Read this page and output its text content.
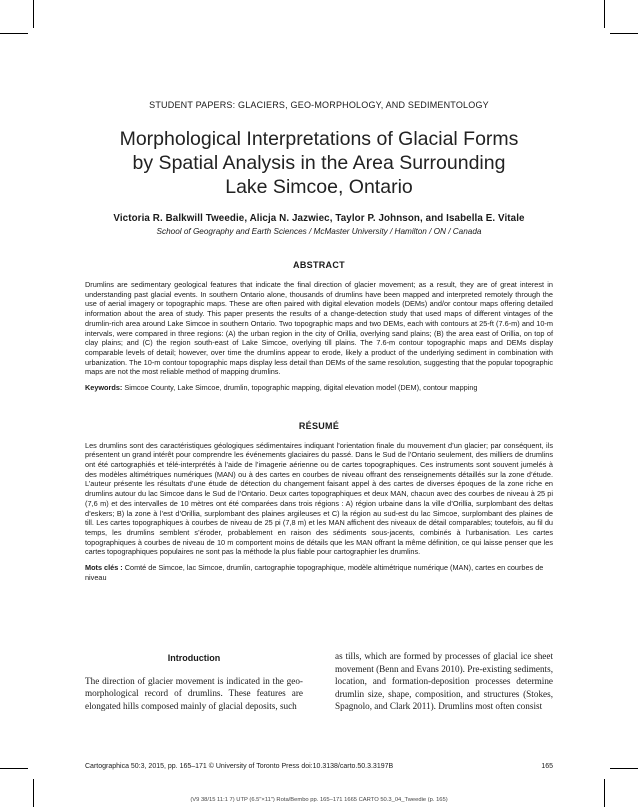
STUDENT PAPERS: GLACIERS, GEO-MORPHOLOGY, AND SEDIMENTOLOGY
Morphological Interpretations of Glacial Forms
by Spatial Analysis in the Area Surrounding
Lake Simcoe, Ontario
Victoria R. Balkwill Tweedie, Alicja N. Jazwiec, Taylor P. Johnson, and Isabella E. Vitale
School of Geography and Earth Sciences / McMaster University / Hamilton / ON / Canada
ABSTRACT
Drumlins are sedimentary geological features that indicate the final direction of glacier movement; as a result, they are of great interest in understanding past glacial events. In southern Ontario alone, thousands of drumlins have been mapped and interpreted remotely through the use of aerial imagery or topographic maps. These are often paired with digital elevation models (DEMs) and/or contour maps offering detailed information about the area of study. This paper presents the results of a change-detection study that used maps of different vintages of the drumlin-rich area around Lake Simcoe in southern Ontario. Two topographic maps and two DEMs, each with contours at 25-ft (7.6-m) and 10-m intervals, were compared in three regions: (A) the urban region in the city of Orillia, overlying sand plains; (B) the area east of Orillia, on top of clay plains; and (C) the region south-east of Lake Simcoe, overlying till plains. The 7.6-m contour topographic maps and DEMs display comparable levels of detail; however, over time the drumlins appear to erode, likely a product of the underlying sediment in combination with urbanization. The 10-m contour topographic maps display less detail than DEMs of the same resolution, suggesting that the popular topographic maps are not the most reliable method of mapping drumlins.
Keywords: Simcoe County, Lake Simcoe, drumlin, topographic mapping, digital elevation model (DEM), contour mapping
RÉSUMÉ
Les drumlins sont des caractéristiques géologiques sédimentaires indiquant l’orientation finale du mouvement d’un glacier; par conséquent, ils présentent un grand intérêt pour comprendre les événements glaciaires du passé. Dans le Sud de l’Ontario seulement, des milliers de drumlins ont été cartographiés et télé-interprétés à l’aide de l’imagerie aérienne ou de cartes topographiques. Ces instruments sont souvent jumelés à des modèles altimétriques numériques (MAN) ou à des cartes en courbes de niveau offrant des renseignements détaillés sur la zone d’étude. L’auteur présente les résultats d’une étude de détection du changement faisant appel à des cartes de diverses époques de la zone riche en drumlins autour du lac Simcoe dans le Sud de l’Ontario. Deux cartes topographiques et deux MAN, chacun avec des courbes de niveau à 25 pi (7,6 m) et des intervalles de 10 mètres ont été comparées dans trois régions : A) région urbaine dans la ville d’Orillia, surplombant des deltas d’eskers; B) la zone à l’est d’Orillia, surplombant des plaines argileuses et C) la région au sud-est du lac Simcoe, surplombant des plaines de till. Les cartes topographiques à courbes de niveau de 25 pi (7,8 m) et les MAN affichent des niveaux de détail comparables; toutefois, au fil du temps, les drumlins semblent s’éroder, probablement en raison des sédiments sous-jacents, combinés à l’urbanisation. Les cartes topographiques à courbes de niveau de 10 m comportent moins de détails que les MAN offrant la même définition, ce qui laisse penser que les cartes topographiques populaires ne sont pas la méthode la plus fiable pour cartographier les drumlins.
Mots clés : Comté de Simcoe, lac Simcoe, drumlin, cartographie topographique, modèle altimétrique numérique (MAN), cartes en courbes de niveau
Introduction
The direction of glacier movement is indicated in the geo-morphological record of drumlins. These features are elongated hills composed mainly of glacial deposits, such
as tills, which are formed by processes of glacial ice sheet movement (Benn and Evans 2010). Pre-existing sediments, location, and formation-deposition processes determine drumlin size, shape, composition, and structures (Stokes, Spagnolo, and Clark 2011). Drumlins most often consist
Cartographica 50:3, 2015, pp. 165–171 © University of Toronto Press doi:10.3138/carto.50.3.3197B	165
(V9 38/15 11:1 7) UTP (6.5"×11") Rota/Bembo pp. 165–171 1665 CARTO 50.3_04_Tweedie (p. 165)
